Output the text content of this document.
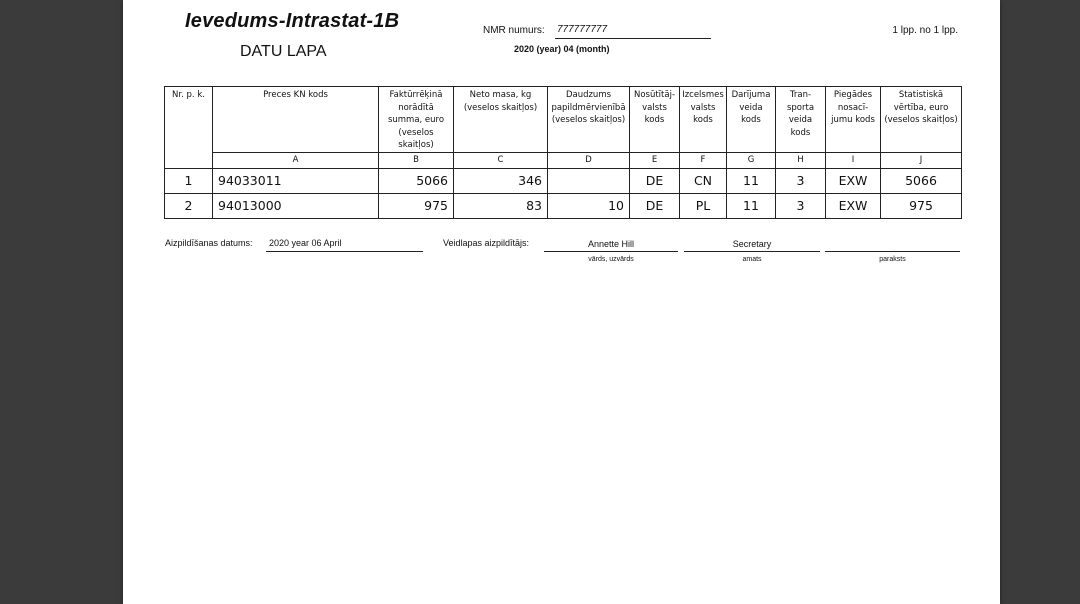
Ievedums-Intrastat-1B
DATU LAPA
NMR numurs: 777777777
2020 (year) 04 (month)
1 lpp. no 1 lpp.
Nr. p. k.	Preces KN kods	Faktūrrēķinā norādītā summa, euro (veselos skaitļos)	Neto masa, kg (veselos skaitļos)	Daudzums papildmērvienībā (veselos skaitļos)	Nosūtītāj-valsts kods	Izcelsmes valsts kods	Darījuma veida kods	Tran-sporta veida kods	Piegādes nosacī-jumu kods	Statistiskā vērtība, euro (veselos skaitļos)
	A	B	C	D	E	F	G	H	I	J
1	94033011	5066	346		DE	CN	11	3	EXW	5066
2	94013000	975	83	10	DE	PL	11	3	EXW	975
Aizpildīšanas datums: 2020 year 06 April	Veidlapas aizpildītājs:	Annette Hill
vārds, uzvārds
Secretary
amats	paraksts
